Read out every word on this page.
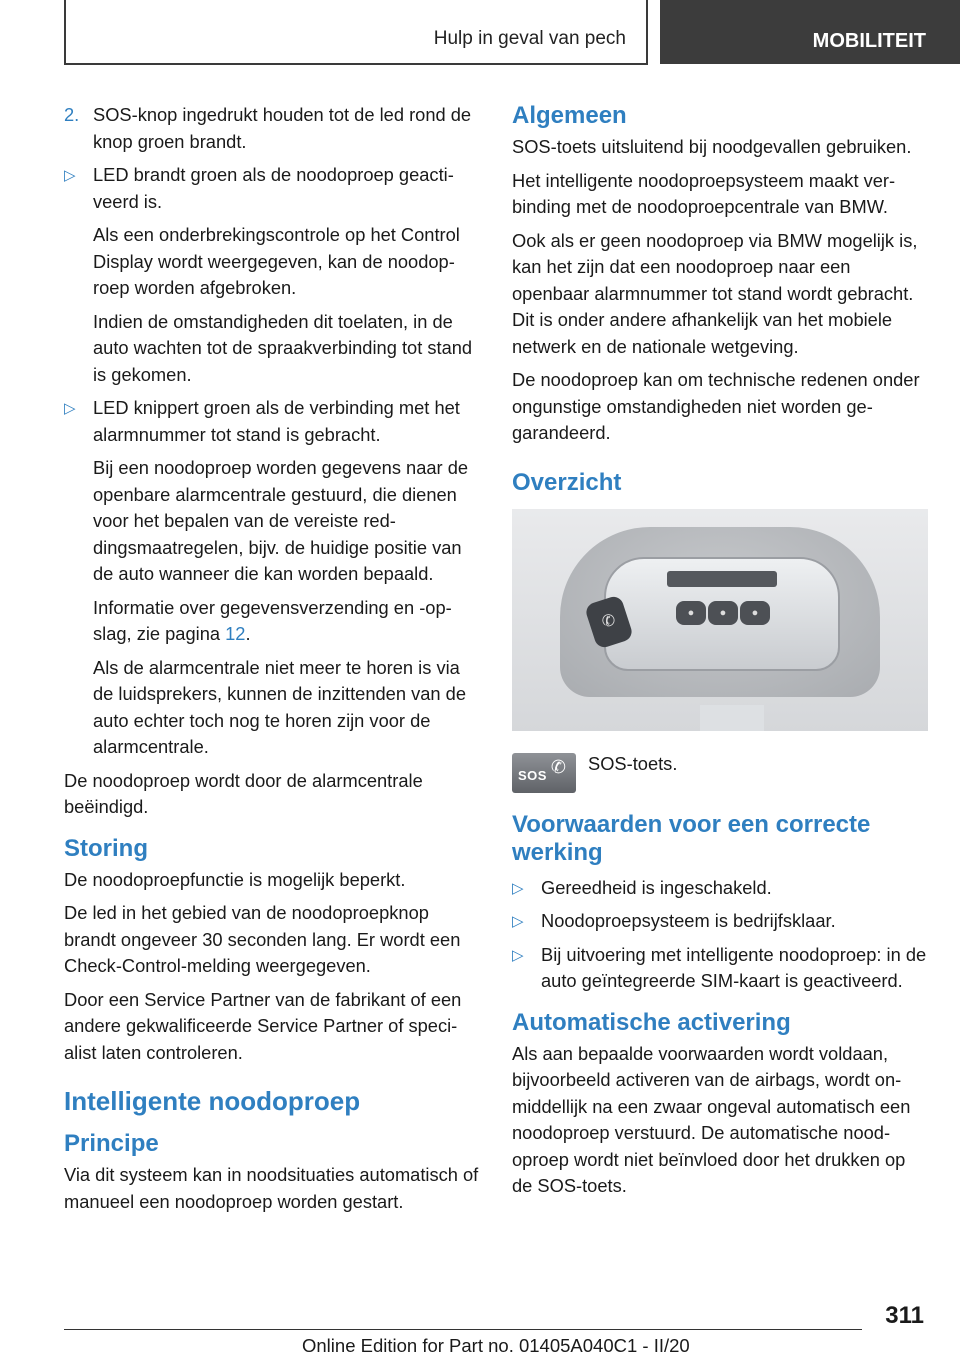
Hulp in geval van pech	MOBILITEIT
2. SOS-knop ingedrukt houden tot de led rond de knop groen brandt.
▷ LED brandt groen als de noodoproep geactiveerd is.

Als een onderbrekingscontrole op het Control Display wordt weergegeven, kan de noodoproep worden afgebroken.

Indien de omstandigheden dit toelaten, in de auto wachten tot de spraakverbinding tot stand is gekomen.

▷ LED knippert groen als de verbinding met het alarmnummer tot stand is gebracht.

Bij een noodoproep worden gegevens naar de openbare alarmcentrale gestuurd, die dienen voor het bepalen van de vereiste reddingsmaatregelen, bijv. de huidige positie van de auto wanneer die kan worden bepaald.

Informatie over gegevensverzending en -opslag, zie pagina 12.

Als de alarmcentrale niet meer te horen is via de luidsprekers, kunnen de inzittenden van de auto echter toch nog te horen zijn voor de alarmcentrale.

De noodoproep wordt door de alarmcentrale beëindigd.

Storing

De noodoproepfunctie is mogelijk beperkt.

De led in het gebied van de noodoproepknop brandt ongeveer 30 seconden lang. Er wordt een Check-Control-melding weergegeven.

Door een Service Partner van de fabrikant of een andere gekwalificeerde Service Partner of specialist laten controleren.

Intelligente noodoproep
Principe

Via dit systeem kan in noodsituaties automatisch of manueel een noodoproep worden gestart.

Algemeen

SOS-toets uitsluitend bij noodgevallen gebruiken.

Het intelligente noodoproepsysteem maakt verbinding met de noodoproepcentrale van BMW.

Ook als er geen noodoproep via BMW mogelijk is, kan het zijn dat een noodoproep naar een openbaar alarmnummer tot stand wordt gebracht. Dit is onder andere afhankelijk van het mobiele netwerk en de nationale wetgeving.

De noodoproep kan om technische redenen onder ongunstige omstandigheden niet worden gegarandeerd.

Overzicht
●	●	●
✆
✆
SOS
SOS-toets.
Voorwaarden voor een correcte werking
▷ Gereedheid is ingeschakeld.
▷ Noodoproepsysteem is bedrijfsklaar.
▷ Bij uitvoering met intelligente noodoproep: in de auto geïntegreerde SIM-kaart is geactiveerd.
Automatische activering

Als aan bepaalde voorwaarden wordt voldaan, bijvoorbeeld activeren van de airbags, wordt onmiddellijk na een zwaar ongeval automatisch een noodoproep verstuurd. De automatische noodoproep wordt niet beïnvloed door het drukken op de SOS-toets.

311
Online Edition for Part no. 01405A040C1 - II/20
